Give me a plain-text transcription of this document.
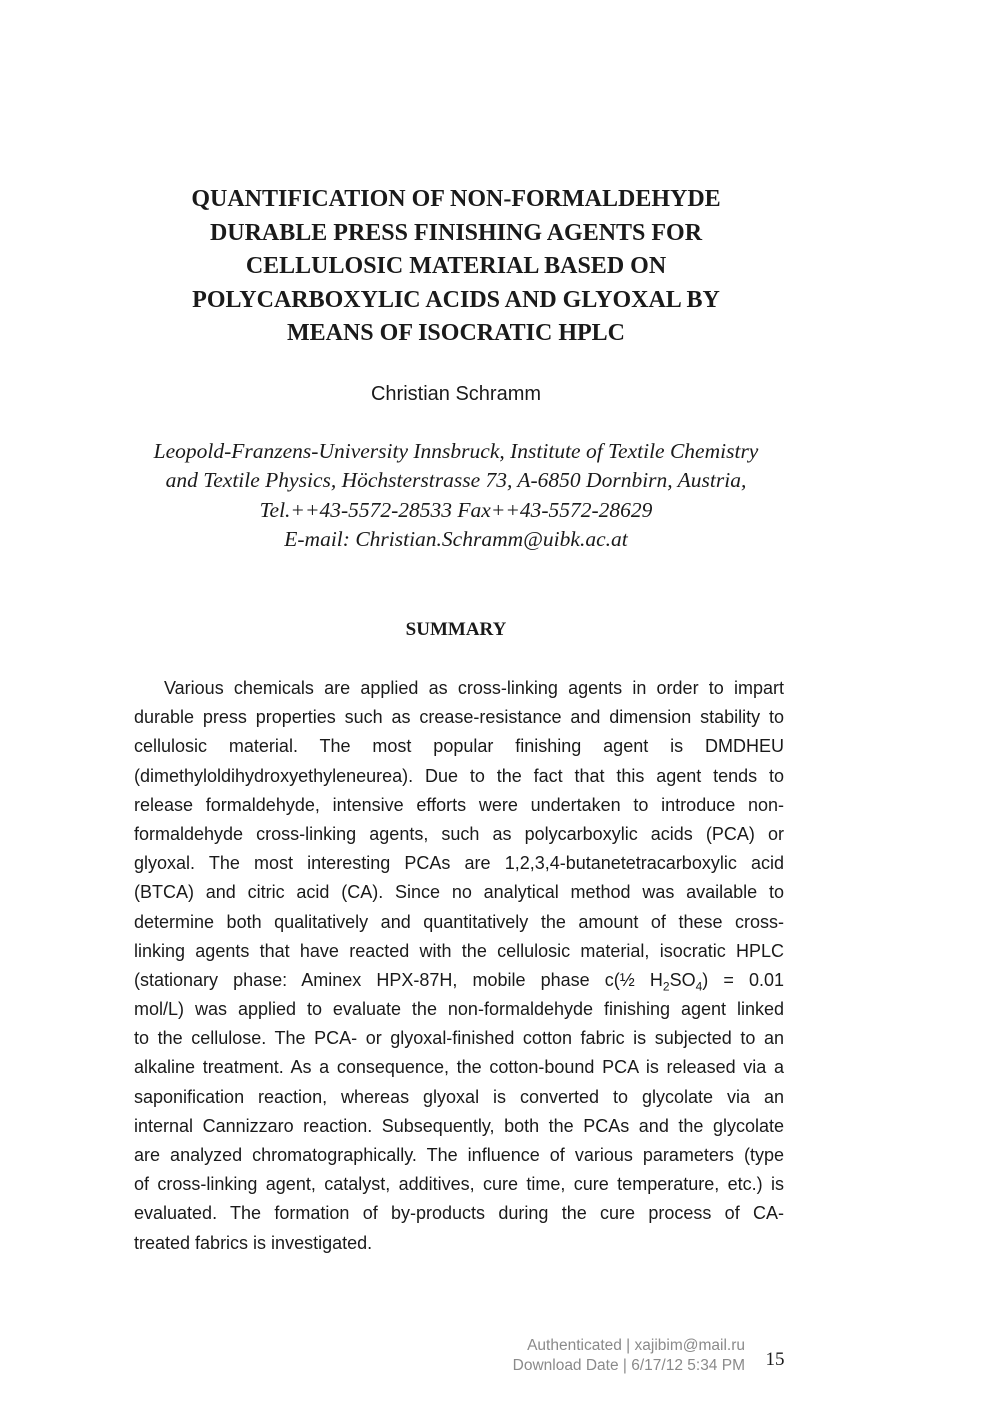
QUANTIFICATION OF NON-FORMALDEHYDE
DURABLE PRESS FINISHING AGENTS FOR
CELLULOSIC MATERIAL BASED ON
POLYCARBOXYLIC ACIDS AND GLYOXAL BY
MEANS OF ISOCRATIC HPLC
Christian Schramm
Leopold-Franzens-University Innsbruck, Institute of Textile Chemistry
and Textile Physics, Höchsterstrasse 73, A-6850 Dornbirn, Austria,
Tel.++43-5572-28533 Fax++43-5572-28629
E-mail: Christian.Schramm@uibk.ac.at
SUMMARY
Various chemicals are applied as cross-linking agents in order to impart
durable press properties such as crease-resistance and dimension stability to
cellulosic material. The most popular finishing agent is DMDHEU
(dimethyloldihydroxyethyleneurea). Due to the fact that this agent tends to
release formaldehyde, intensive efforts were undertaken to introduce non-
formaldehyde cross-linking agents, such as polycarboxylic acids (PCA) or
glyoxal. The most interesting PCAs are 1,2,3,4-butanetetracarboxylic acid
(BTCA) and citric acid (CA). Since no analytical method was available to
determine both qualitatively and quantitatively the amount of these cross-
linking agents that have reacted with the cellulosic material, isocratic HPLC
(stationary phase: Aminex HPX-87H, mobile phase c(½ $H_2SO_4) = 0.01$
mol/L) was applied to evaluate the non-formaldehyde finishing agent linked
to the cellulose. The PCA- or glyoxal-finished cotton fabric is subjected to an
alkaline treatment. As a consequence, the cotton-bound PCA is released via a
saponification reaction, whereas glyoxal is converted to glycolate via an
internal Cannizzaro reaction. Subsequently, both the PCAs and the glycolate
are analyzed chromatographically. The influence of various parameters (type
of cross-linking agent, catalyst, additives, cure time, cure temperature, etc.) is
evaluated. The formation of by-products during the cure process of CA-
treated fabrics is investigated.
Authenticated | xajibim@mail.ru
Download Date | 6/17/12 5:34 PM 15
